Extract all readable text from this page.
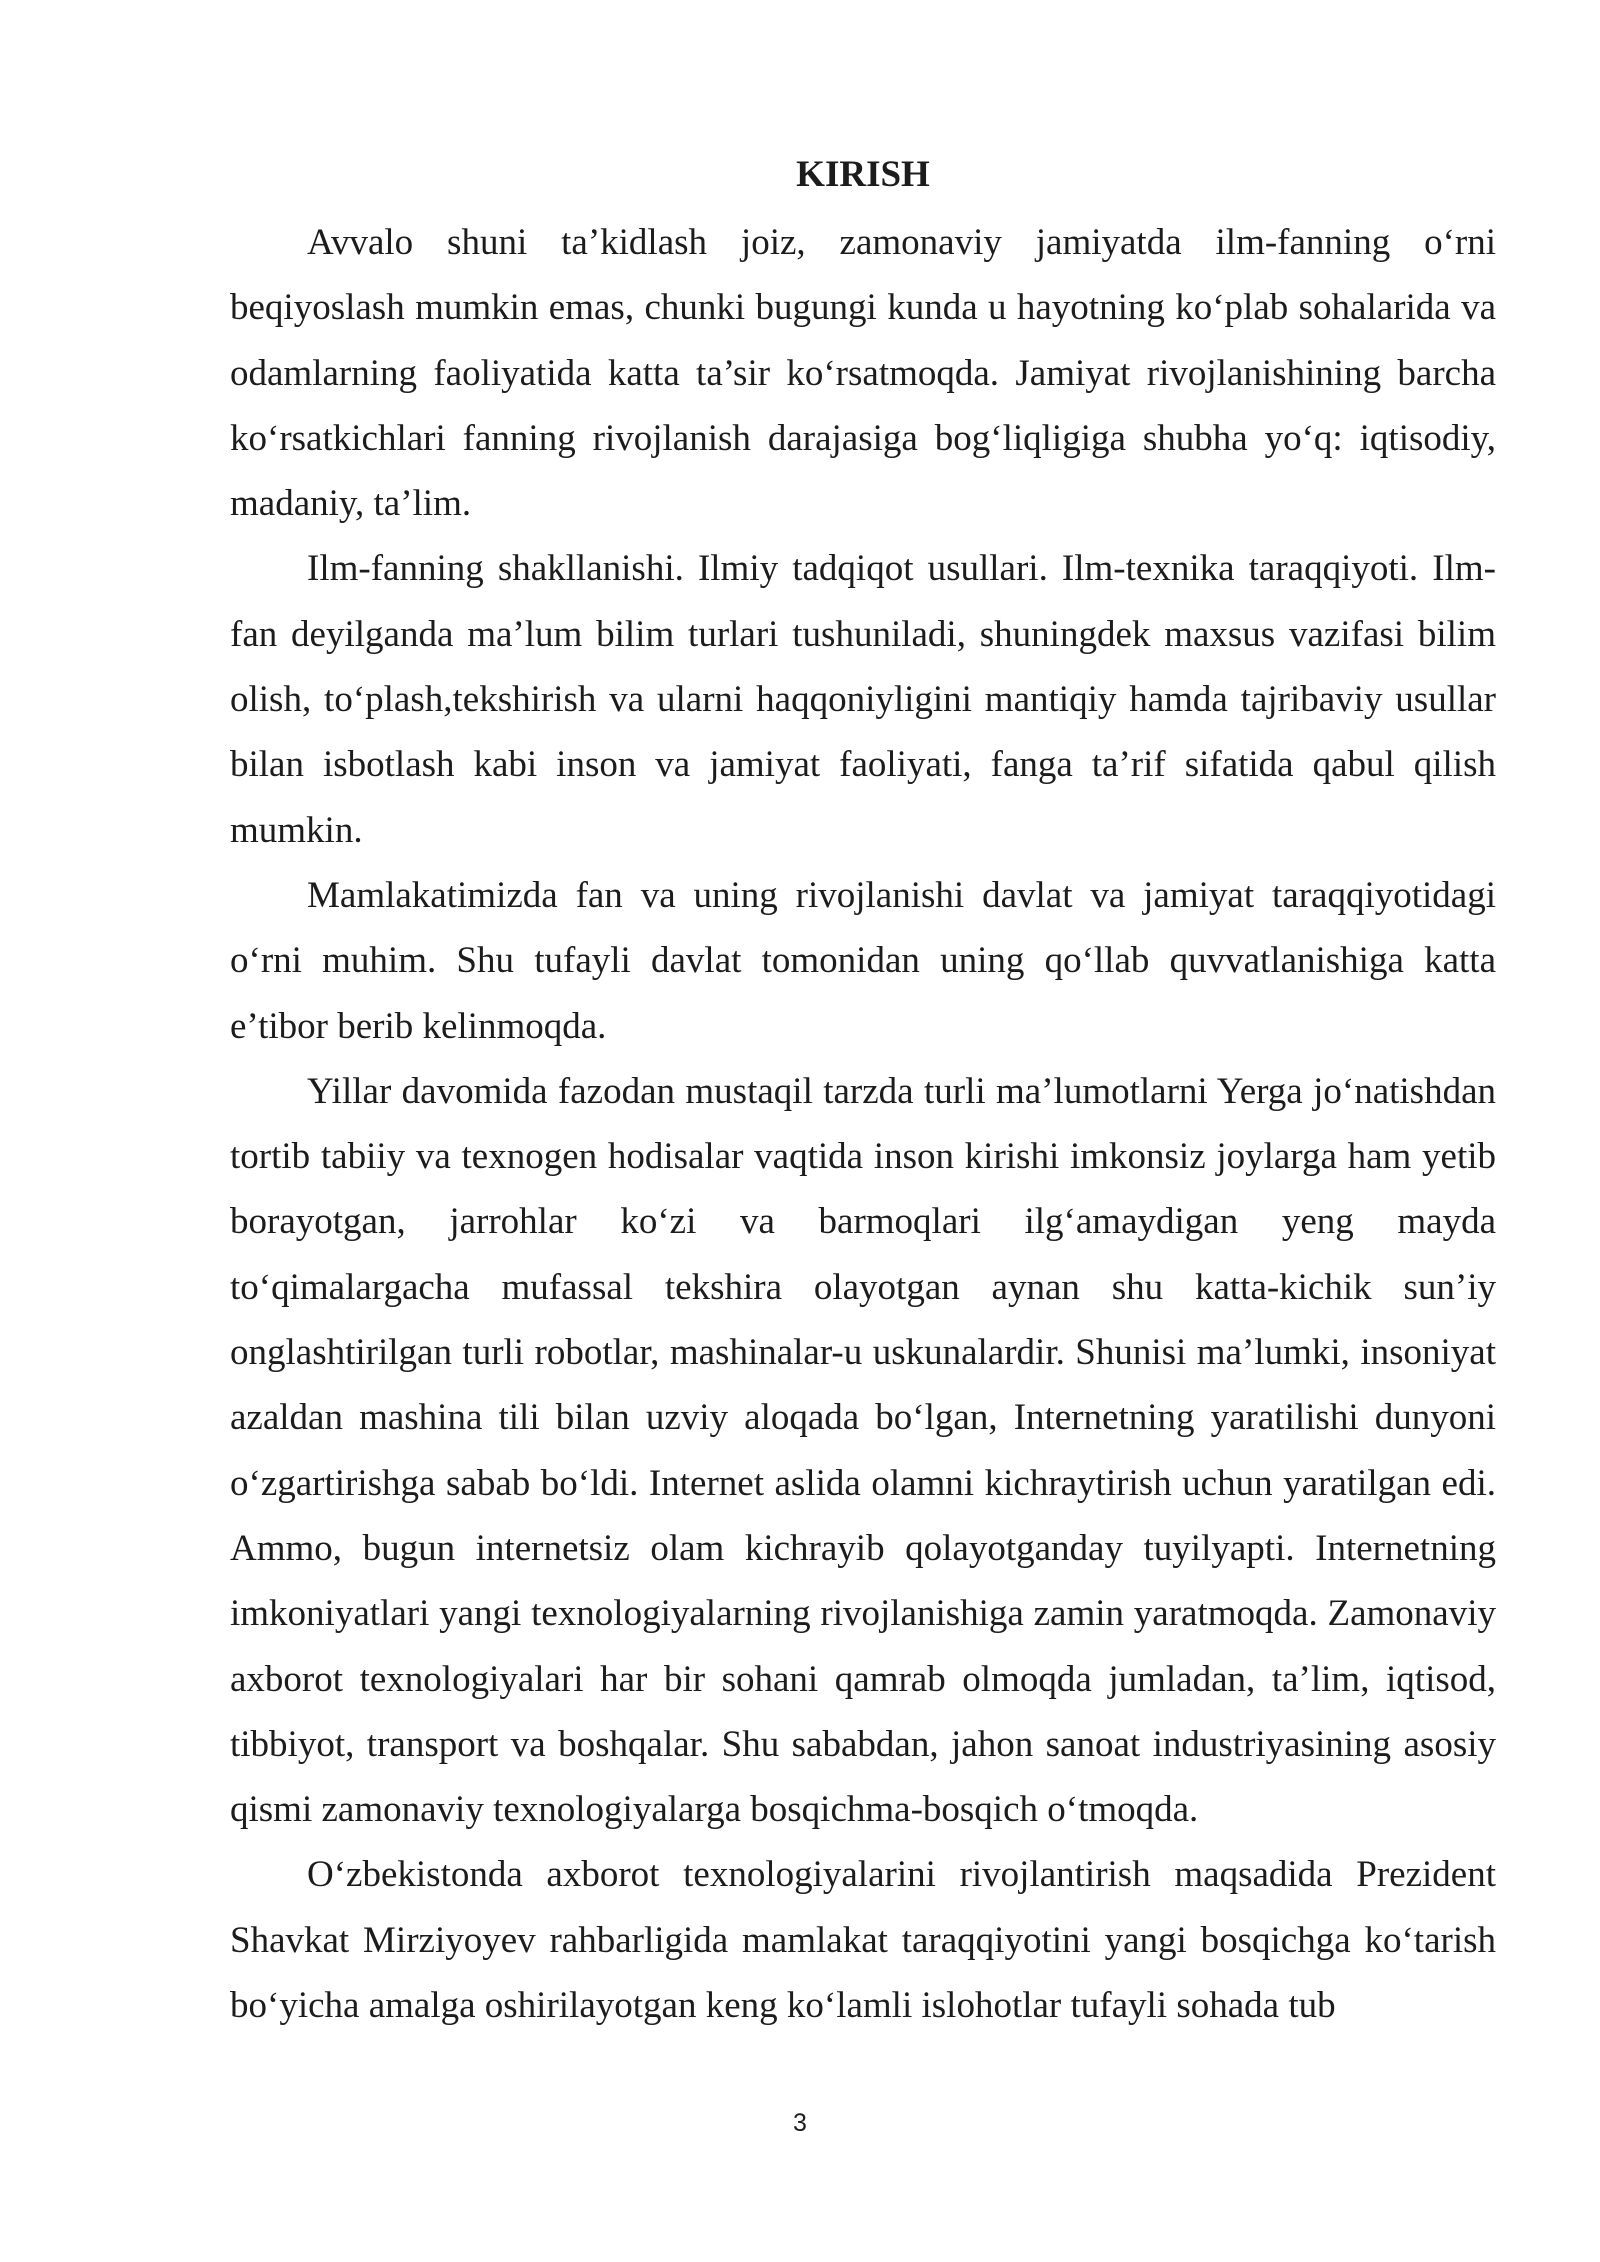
KIRISH

Avvalo shuni ta’kidlash joiz, zamonaviy jamiyatda ilm-fanning o‘rni beqiyoslash mumkin emas, chunki bugungi kunda u hayotning ko‘plab sohalarida va odamlarning faoliyatida katta ta’sir ko‘rsatmoqda. Jamiyat rivojlanishining barcha ko‘rsatkichlari fanning rivojlanish darajasiga bog‘liqligiga shubha yo‘q: iqtisodiy, madaniy, ta’lim.

Ilm-fanning shakllanishi. Ilmiy tadqiqot usullari. Ilm-texnika taraqqiyoti. Ilm-fan deyilganda ma’lum bilim turlari tushuniladi, shuningdek maxsus vazifasi bilim olish, to‘plash,tekshirish va ularni haqqoniyligini mantiqiy hamda tajribaviy usullar bilan isbotlash kabi inson va jamiyat faoliyati, fanga ta’rif sifatida qabul qilish mumkin.

Mamlakatimizda fan va uning rivojlanishi davlat va jamiyat taraqqiyotidagi o‘rni muhim. Shu tufayli davlat tomonidan uning qo‘llab quvvatlanishiga katta e’tibor berib kelinmoqda.

Yillar davomida fazodan mustaqil tarzda turli ma’lumotlarni Yerga jo‘natishdan tortib tabiiy va texnogen hodisalar vaqtida inson kirishi imkonsiz joylarga ham yetib borayotgan, jarrohlar ko‘zi va barmoqlari ilg‘amaydigan yeng mayda to‘qimalargacha mufassal tekshira olayotgan aynan shu katta-kichik sun’iy onglashtirilgan turli robotlar, mashinalar-u uskunalardir. Shunisi ma’lumki, insoniyat azaldan mashina tili bilan uzviy aloqada bo‘lgan, Internetning yaratilishi dunyoni o‘zgartirishga sabab bo‘ldi. Internet aslida olamni kichraytirish uchun yaratilgan edi. Ammo, bugun internetsiz olam kichrayib qolayotganday tuyilyapti. Internetning imkoniyatlari yangi texnologiyalarning rivojlanishiga zamin yaratmoqda. Zamonaviy axborot texnologiyalari har bir sohani qamrab olmoqda jumladan, ta’lim, iqtisod, tibbiyot, transport va boshqalar. Shu sababdan, jahon sanoat industriyasining asosiy qismi zamonaviy texnologiyalarga bosqichma-bosqich o‘tmoqda.

O‘zbekistonda axborot texnologiyalarini rivojlantirish maqsadida Prezident Shavkat Mirziyoyev rahbarligida mamlakat taraqqiyotini yangi bosqichga ko‘tarish bo‘yicha amalga oshirilayotgan keng ko‘lamli islohotlar tufayli sohada tub

3
